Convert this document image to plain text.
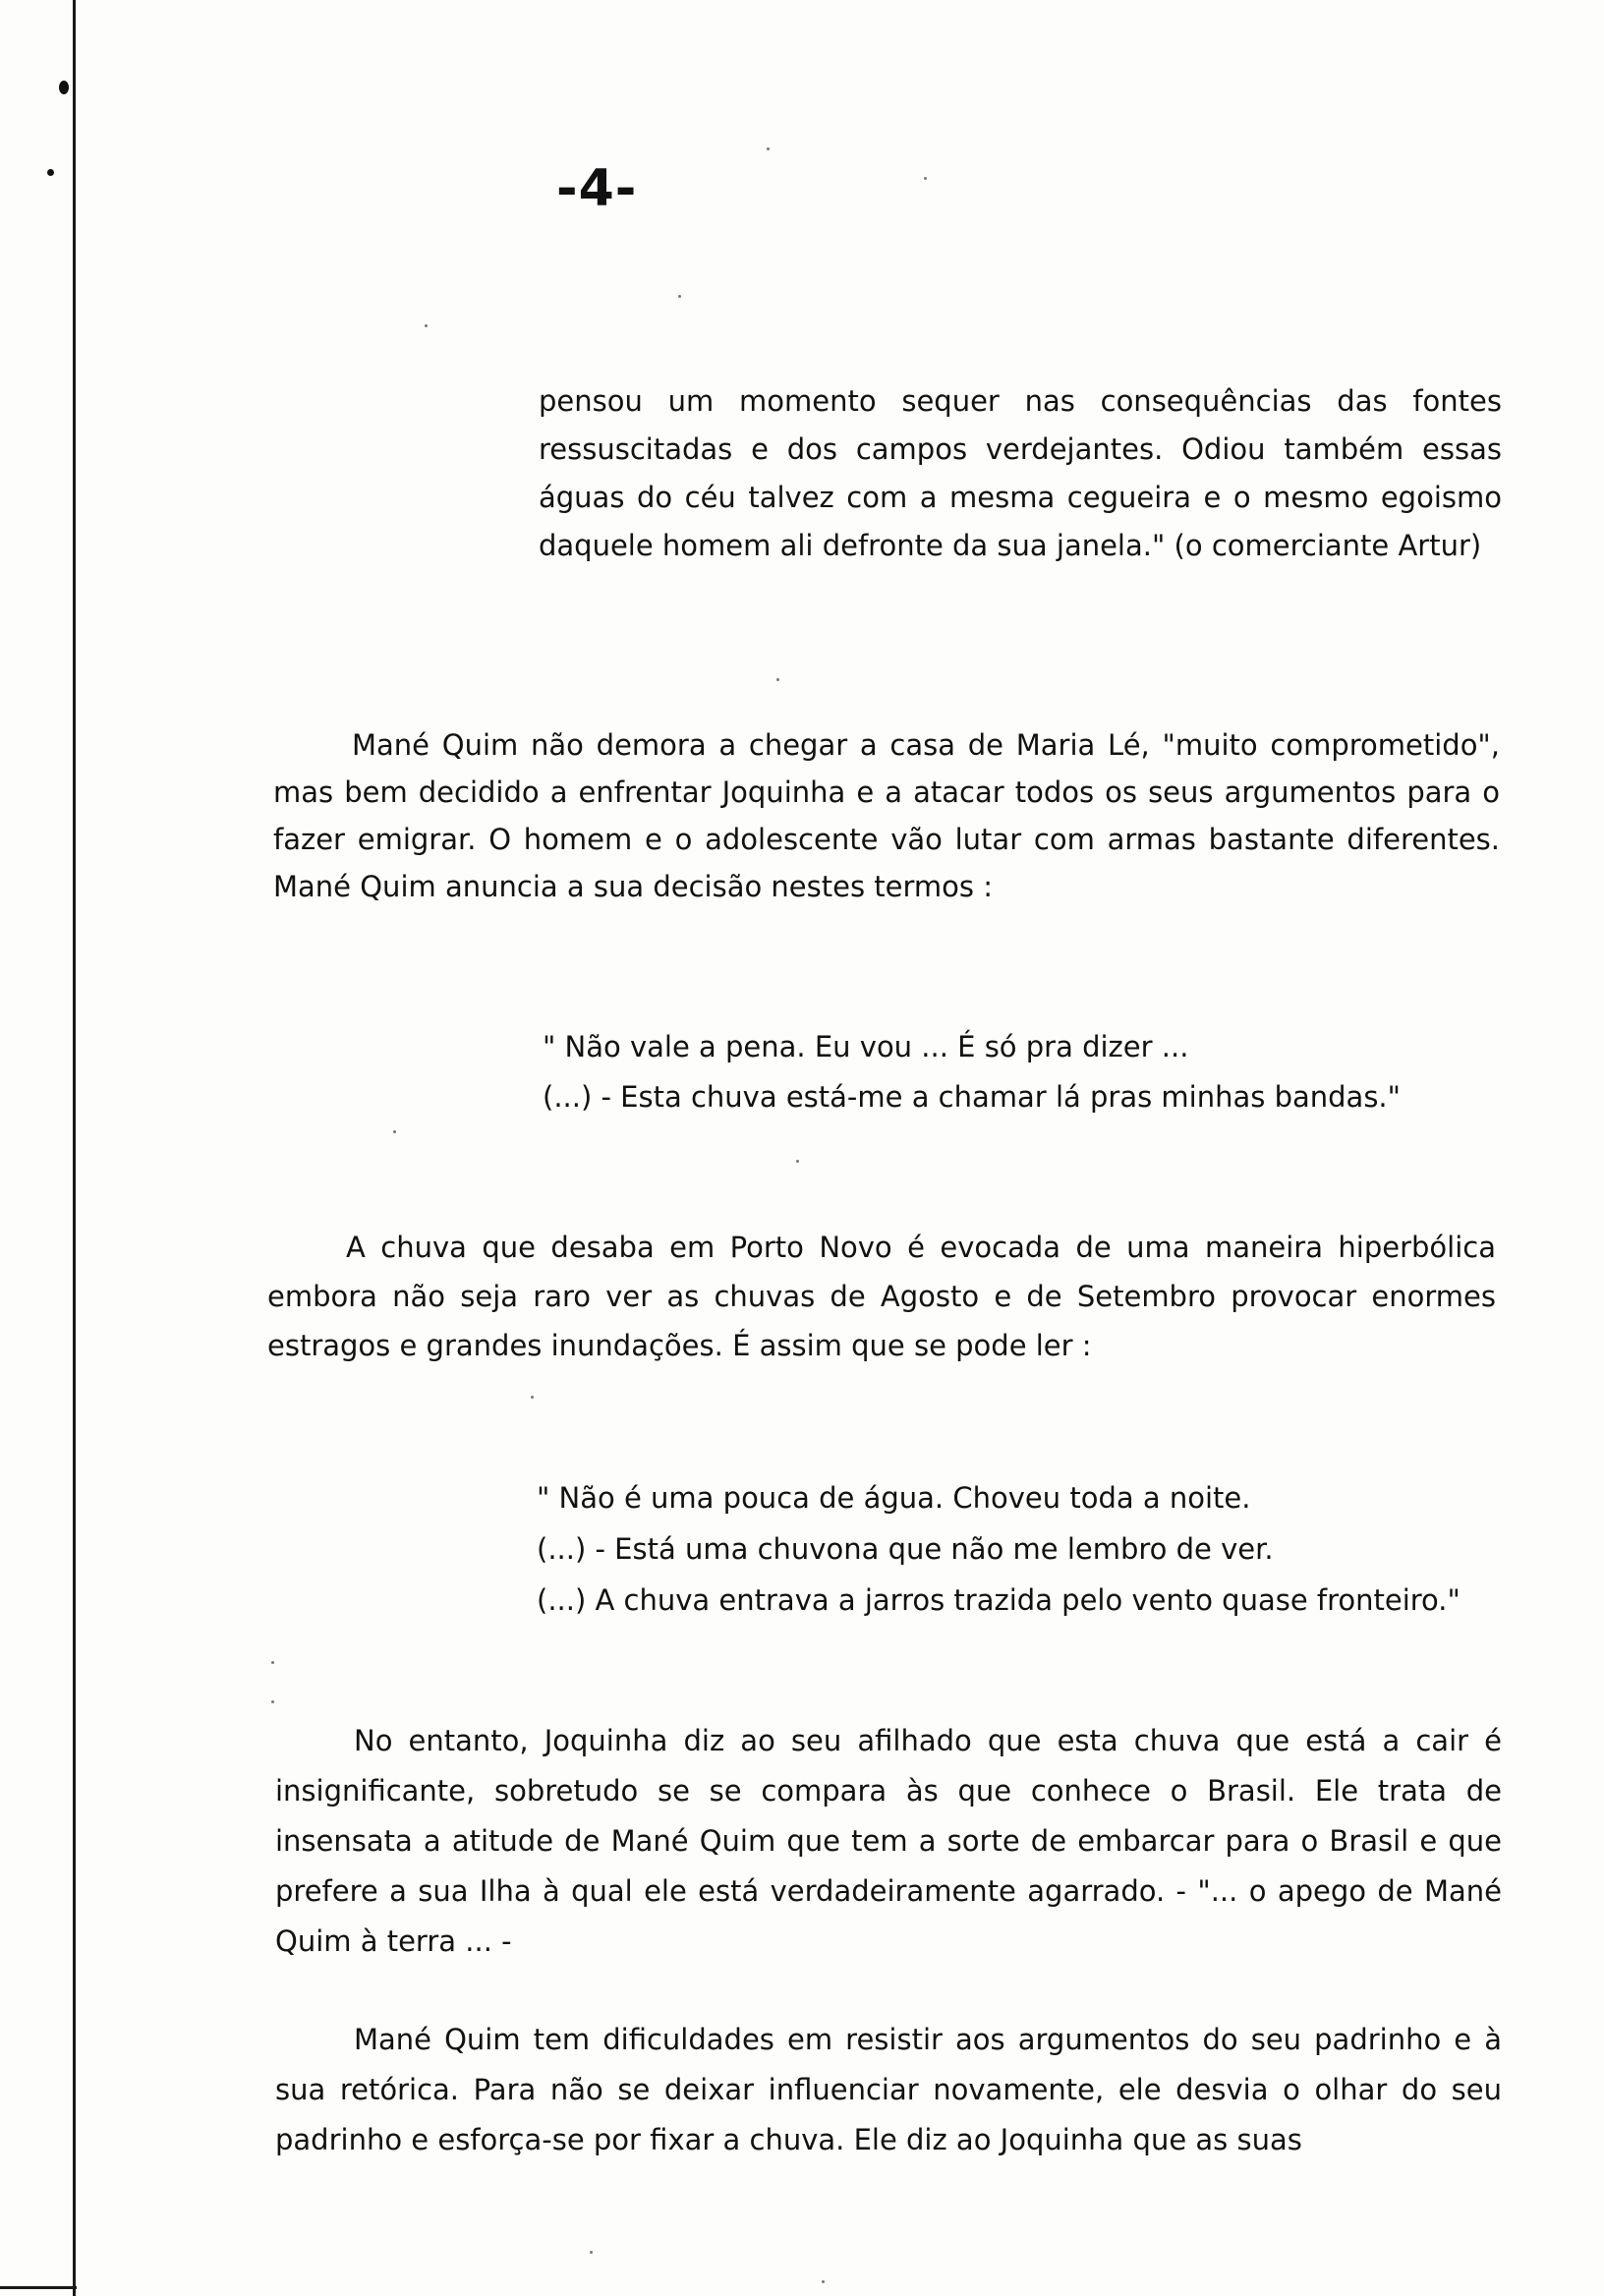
-4-

pensou um momento sequer nas consequências das fontes ressuscitadas e dos campos verdejantes. Odiou também essas águas do céu talvez com a mesma cegueira e o mesmo egoismo daquele homem ali defronte da sua janela." (o comerciante Artur)

Mané Quim não demora a chegar a casa de Maria Lé, "muito comprometido", mas bem decidido a enfrentar Joquinha e a atacar todos os seus argumentos para o fazer emigrar. O homem e o adolescente vão lutar com armas bastante diferentes. Mané Quim anuncia a sua decisão nestes termos :

" Não vale a pena. Eu vou ... É só pra dizer ...

(...) - Esta chuva está-me a chamar lá pras minhas bandas."

A chuva que desaba em Porto Novo é evocada de uma maneira hiperbólica embora não seja raro ver as chuvas de Agosto e de Setembro provocar enormes estragos e grandes inundações. É assim que se pode ler :

" Não é uma pouca de água. Choveu toda a noite.

(...) - Está uma chuvona que não me lembro de ver.

(...) A chuva entrava a jarros trazida pelo vento quase fronteiro."

No entanto, Joquinha diz ao seu afilhado que esta chuva que está a cair é insignificante, sobretudo se se compara às que conhece o Brasil. Ele trata de insensata a atitude de Mané Quim que tem a sorte de embarcar para o Brasil e que prefere a sua Ilha à qual ele está verdadeiramente agarrado. - "... o apego de Mané Quim à terra ... -

Mané Quim tem dificuldades em resistir aos argumentos do seu padrinho e à sua retórica. Para não se deixar influenciar novamente, ele desvia o olhar do seu padrinho e esforça-se por fixar a chuva. Ele diz ao Joquinha que as suas
